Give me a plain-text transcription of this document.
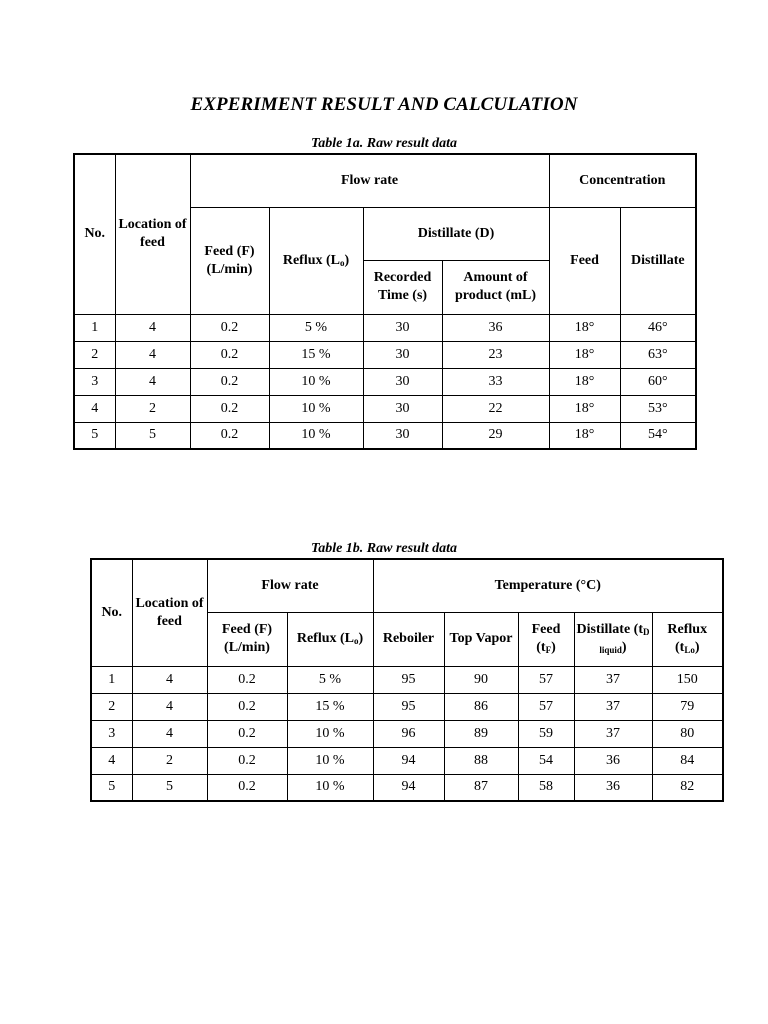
EXPERIMENT RESULT AND CALCULATION
Table 1a. Raw result data
No.	Location of feed	Flow rate				Concentration	
		Feed (F) (L/min)	Reflux $(L_o)$	Distillate (D)		Feed	Distillate
				Recorded Time (s)	Amount of product (mL)		
1	4	0.2	5 %	30	36	18°	46°
2	4	0.2	15 %	30	23	18°	63°
3	4	0.2	10 %	30	33	18°	60°
4	2	0.2	10 %	30	22	18°	53°
5	5	0.2	10 %	30	29	18°	54°
Table 1b. Raw result data
No.	Location of feed	Flow rate		Temperature (°C)				
		Feed (F) (L/min)	Reflux $(L_o)$	Reboiler	Top Vapor	Feed $(t_F)$	Distillate $(t_{D liquid})$	Reflux $(t_{Lo})$
1	4	0.2	5 %	95	90	57	37	150
2	4	0.2	15 %	95	86	57	37	79
3	4	0.2	10 %	96	89	59	37	80
4	2	0.2	10 %	94	88	54	36	84
5	5	0.2	10 %	94	87	58	36	82
